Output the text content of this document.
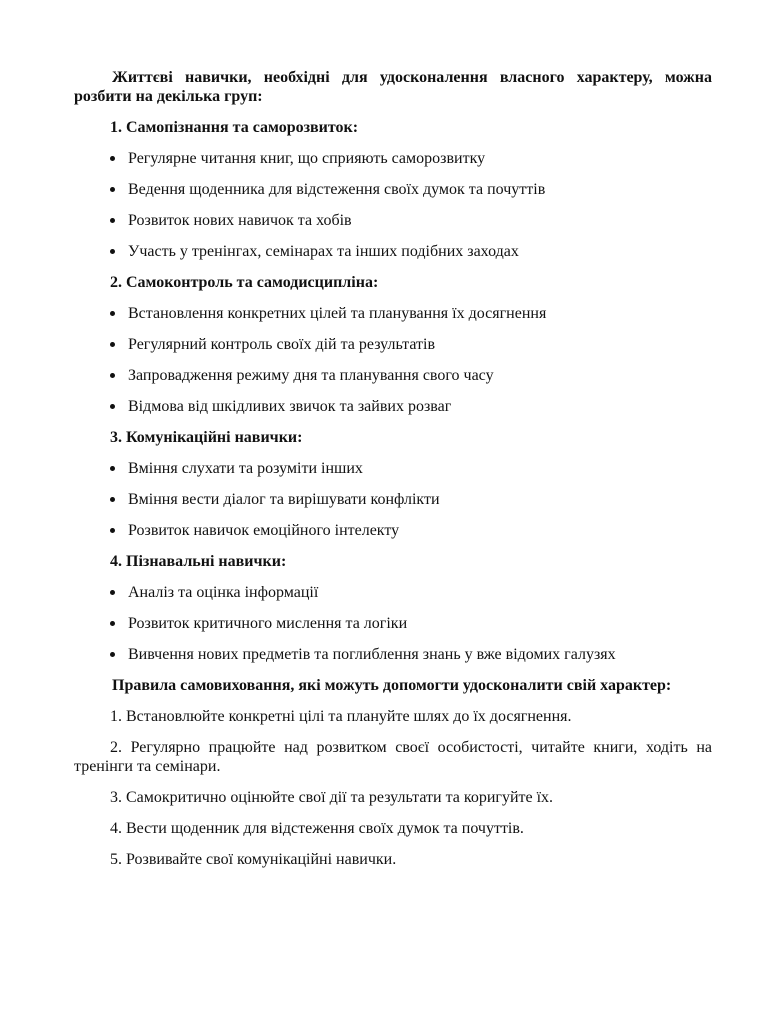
Життєві навички, необхідні для удосконалення власного характеру, можна розбити на декілька груп:

1. Самопізнання та саморозвиток:
Регулярне читання книг, що сприяють саморозвитку
Ведення щоденника для відстеження своїх думок та почуттів
Розвиток нових навичок та хобів
Участь у тренінгах, семінарах та інших подібних заходах
2. Самоконтроль та самодисципліна:
Встановлення конкретних цілей та планування їх досягнення
Регулярний контроль своїх дій та результатів
Запровадження режиму дня та планування свого часу
Відмова від шкідливих звичок та зайвих розваг
3. Комунікаційні навички:
Вміння слухати та розуміти інших
Вміння вести діалог та вирішувати конфлікти
Розвиток навичок емоційного інтелекту
4. Пізнавальні навички:
Аналіз та оцінка інформації
Розвиток критичного мислення та логіки
Вивчення нових предметів та поглиблення знань у вже відомих галузях

Правила самовиховання, які можуть допомогти удосконалити свій характер:

1. Встановлюйте конкретні цілі та плануйте шлях до їх досягнення.
2. Регулярно працюйте над розвитком своєї особистості, читайте книги, ходіть на тренінги та семінари.
3. Самокритично оцінюйте свої дії та результати та коригуйте їх.
4. Вести щоденник для відстеження своїх думок та почуттів.
5. Розвивайте свої комунікаційні навички.
